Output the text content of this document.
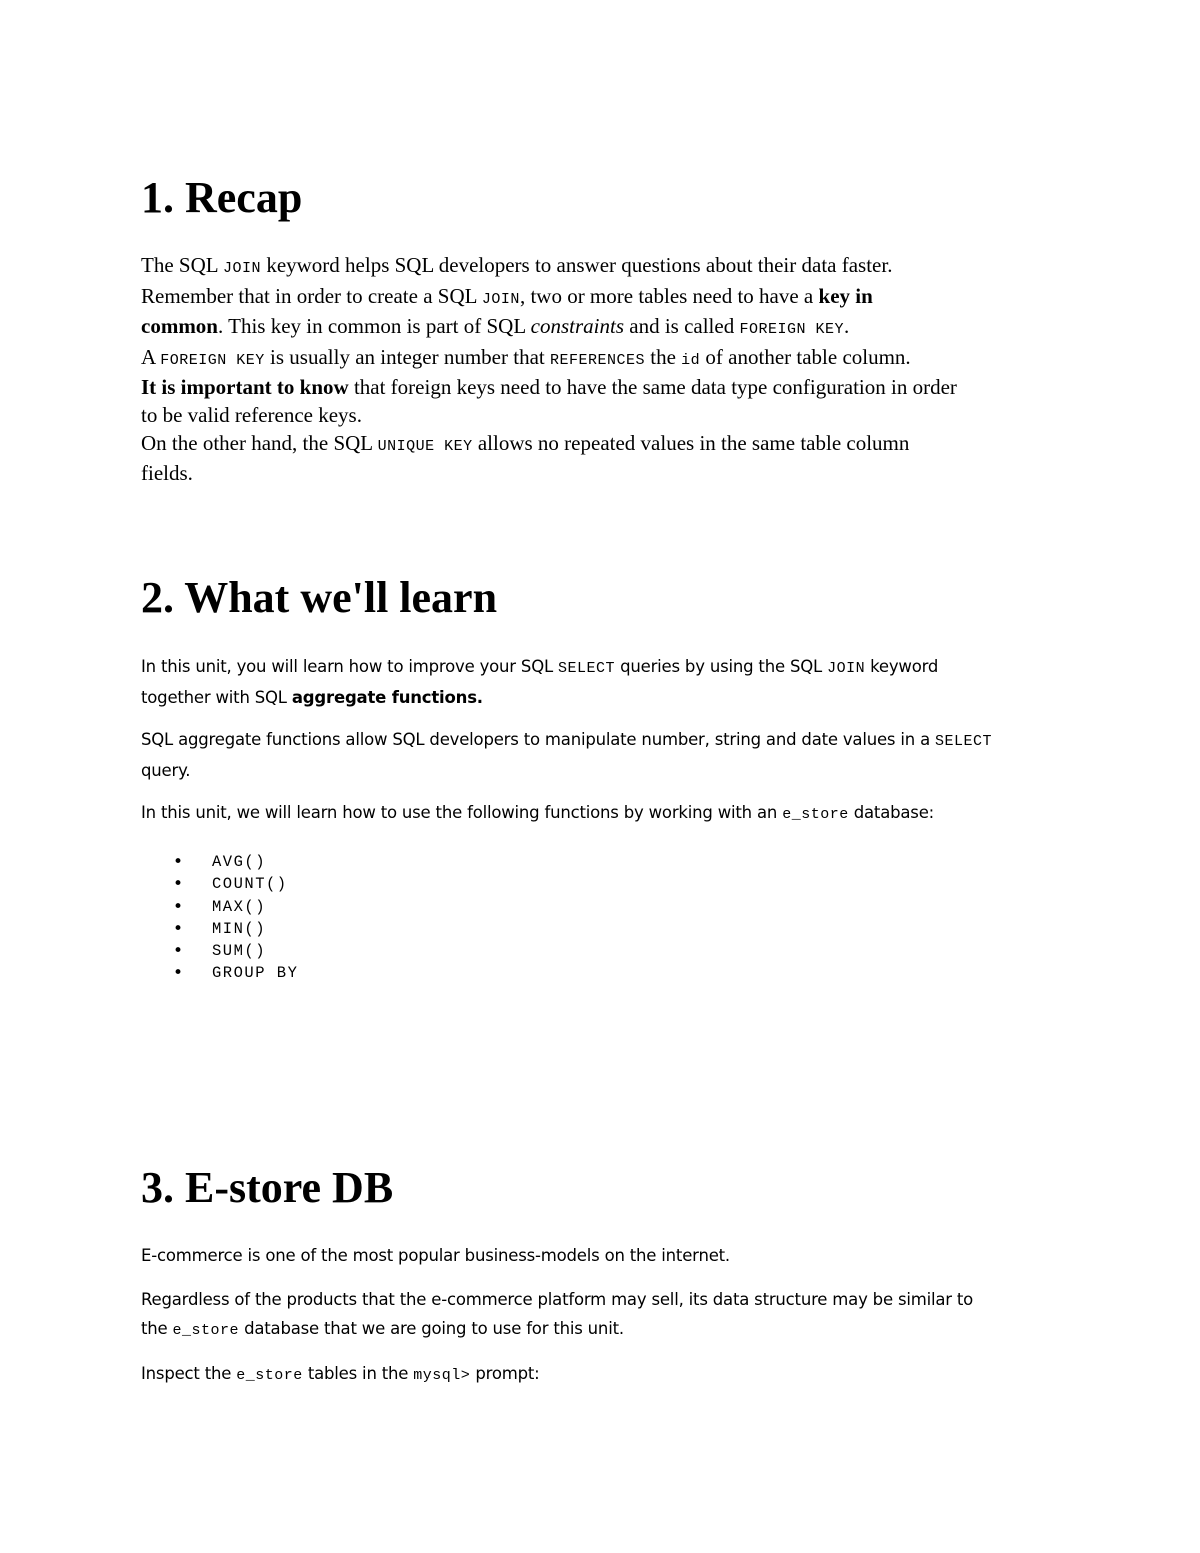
1. Recap
The SQL JOIN keyword helps SQL developers to answer questions about their data faster.
Remember that in order to create a SQL JOIN, two or more tables need to have a key in
common. This key in common is part of SQL constraints and is called FOREIGN KEY.
A FOREIGN KEY is usually an integer number that REFERENCES the id of another table column.
It is important to know that foreign keys need to have the same data type configuration in order
to be valid reference keys.
On the other hand, the SQL UNIQUE KEY allows no repeated values in the same table column
fields.
2. What we'll learn
In this unit, you will learn how to improve your SQL SELECT queries by using the SQL JOIN keyword
together with SQL aggregate functions.
SQL aggregate functions allow SQL developers to manipulate number, string and date values in a SELECT
query.
In this unit, we will learn how to use the following functions by working with an e_store database:
• AVG()
• COUNT()
• MAX()
• MIN()
• SUM()
• GROUP BY
3. E-store DB
E-commerce is one of the most popular business-models on the internet.
Regardless of the products that the e-commerce platform may sell, its data structure may be similar to
the e_store database that we are going to use for this unit.
Inspect the e_store tables in the mysql> prompt:
